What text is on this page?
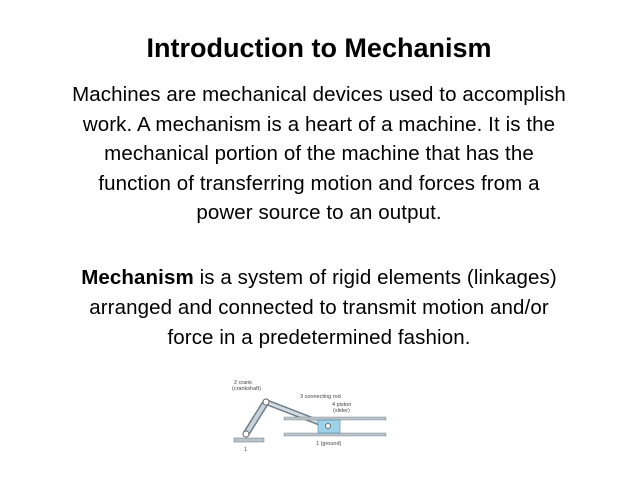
Introduction to Mechanism
Machines are mechanical devices used to accomplish
work. A mechanism is a heart of a machine. It is the
mechanical portion of the machine that has the
function of transferring motion and forces from a
power source to an output.
Mechanism is a system of rigid elements (linkages)
arranged and connected to transmit motion and/or
force in a predetermined fashion.
2 crank
(crankshaft)
3 connecting rod
4 piston
(slider)
1
1 (ground)
